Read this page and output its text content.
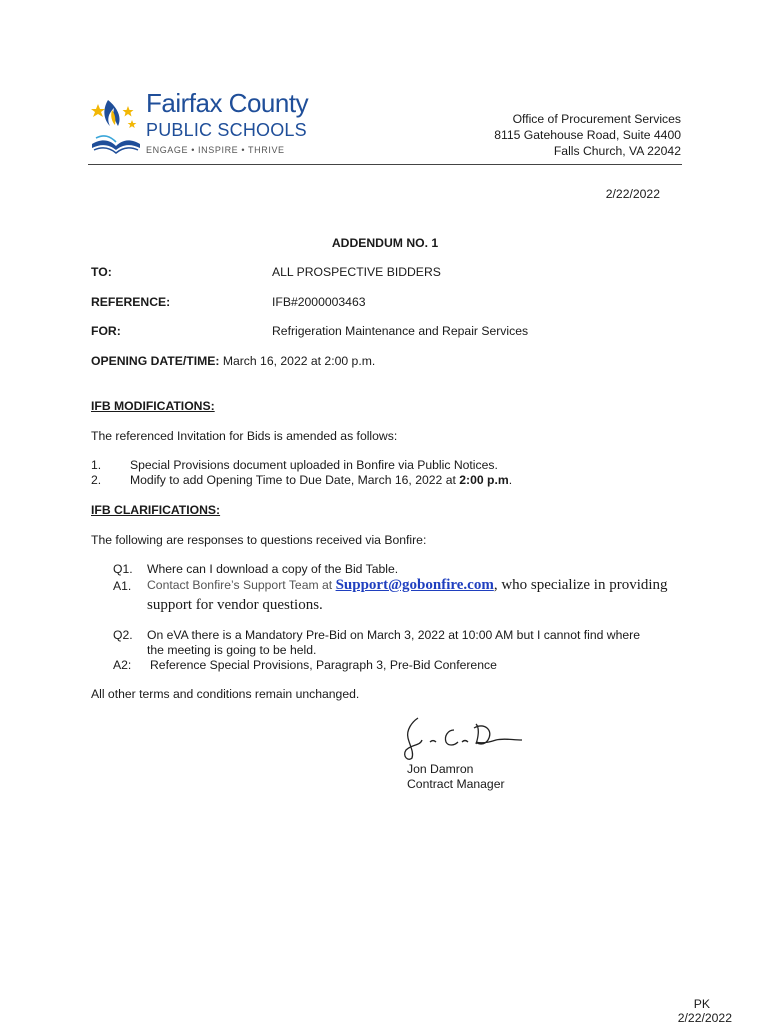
Fairfax County
PUBLIC SCHOOLS
ENGAGE • INSPIRE • THRIVE
Office of Procurement Services
8115 Gatehouse Road, Suite 4400
Falls Church, VA 22042
2/22/2022
ADDENDUM NO. 1
TO:	ALL PROSPECTIVE BIDDERS
REFERENCE:	IFB#2000003463
FOR:	Refrigeration Maintenance and Repair Services
OPENING DATE/TIME: March 16, 2022 at 2:00 p.m.
IFB MODIFICATIONS:
The referenced Invitation for Bids is amended as follows:
1. Special Provisions document uploaded in Bonfire via Public Notices.
2. Modify to add Opening Time to Due Date, March 16, 2022 at 2:00 p.m.
IFB CLARIFICATIONS:
The following are responses to questions received via Bonfire:
Q1. Where can I download a copy of the Bid Table.
A1. Contact Bonfire’s Support Team at Support@gobonfire.com, who specialize in providing
support for vendor questions.
Q2. On eVA there is a Mandatory Pre-Bid on March 3, 2022 at 10:00 AM but I cannot find where
the meeting is going to be held.
A2: Reference Special Provisions, Paragraph 3, Pre-Bid Conference
All other terms and conditions remain unchanged.
Jon Damron
Contract Manager
PK
2/22/2022
